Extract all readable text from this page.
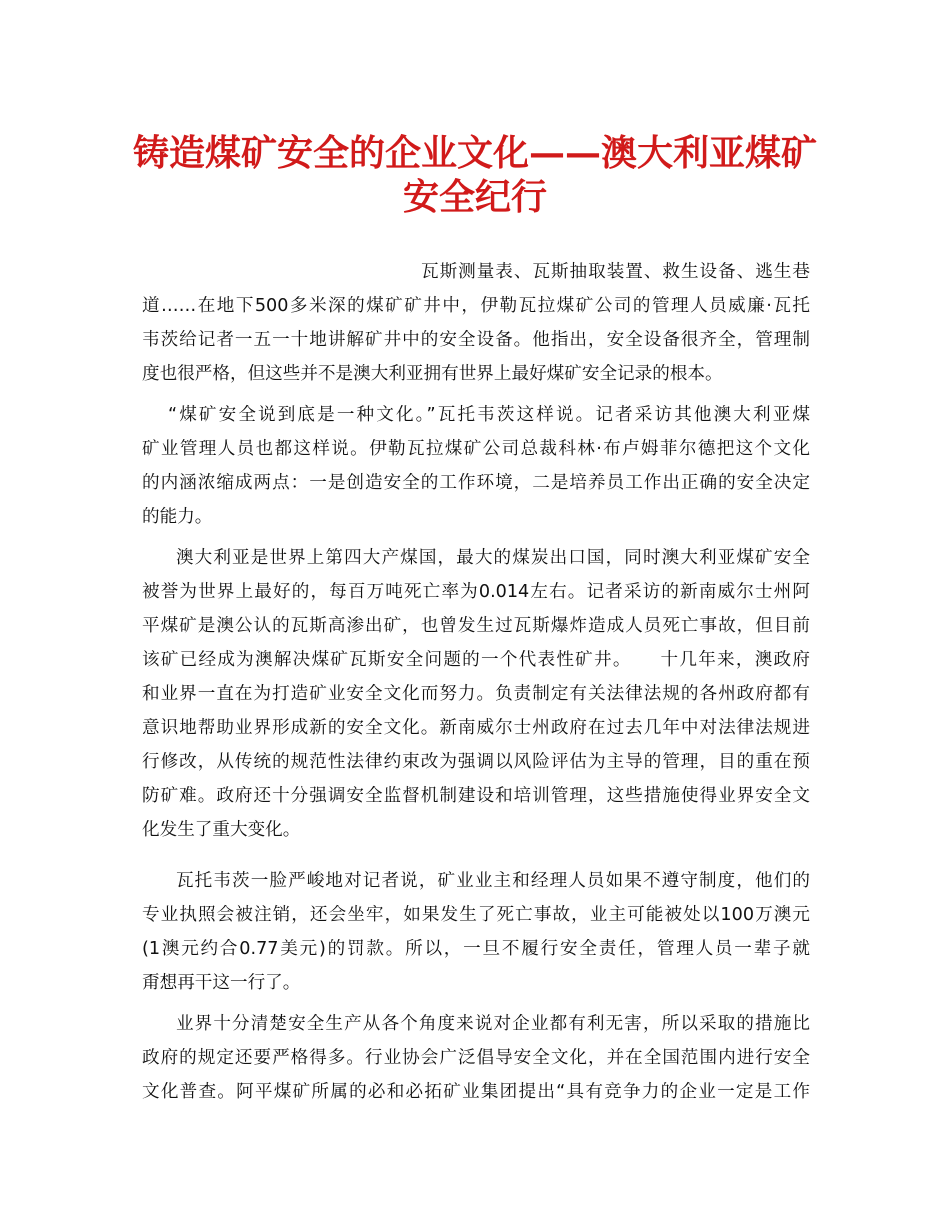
铸造煤矿安全的企业文化——澳大利亚煤矿
安全纪行

瓦斯测量表、瓦斯抽取装置、救生设备、逃生巷

道……在地下500多米深的煤矿矿井中，伊勒瓦拉煤矿公司的管理人员威廉·瓦托

韦茨给记者一五一十地讲解矿井中的安全设备。他指出，安全设备很齐全，管理制

度也很严格，但这些并不是澳大利亚拥有世界上最好煤矿安全记录的根本。

“煤矿安全说到底是一种文化。”瓦托韦茨这样说。记者采访其他澳大利亚煤

矿业管理人员也都这样说。伊勒瓦拉煤矿公司总裁科林·布卢姆菲尔德把这个文化

的内涵浓缩成两点：一是创造安全的工作环境，二是培养员工作出正确的安全决定

的能力。

澳大利亚是世界上第四大产煤国，最大的煤炭出口国，同时澳大利亚煤矿安全

被誉为世界上最好的，每百万吨死亡率为0.014左右。记者采访的新南威尔士州阿

平煤矿是澳公认的瓦斯高渗出矿，也曾发生过瓦斯爆炸造成人员死亡事故，但目前

该矿已经成为澳解决煤矿瓦斯安全问题的一个代表性矿井。　　十几年来，澳政府

和业界一直在为打造矿业安全文化而努力。负责制定有关法律法规的各州政府都有

意识地帮助业界形成新的安全文化。新南威尔士州政府在过去几年中对法律法规进

行修改，从传统的规范性法律约束改为强调以风险评估为主导的管理，目的重在预

防矿难。政府还十分强调安全监督机制建设和培训管理，这些措施使得业界安全文

化发生了重大变化。

瓦托韦茨一脸严峻地对记者说，矿业业主和经理人员如果不遵守制度，他们的

专业执照会被注销，还会坐牢，如果发生了死亡事故，业主可能被处以100万澳元

(1澳元约合0.77美元)的罚款。所以，一旦不履行安全责任，管理人员一辈子就

甭想再干这一行了。

业界十分清楚安全生产从各个角度来说对企业都有利无害，所以采取的措施比

政府的规定还要严格得多。行业协会广泛倡导安全文化，并在全国范围内进行安全

文化普查。阿平煤矿所属的必和必拓矿业集团提出“具有竞争力的企业一定是工作
